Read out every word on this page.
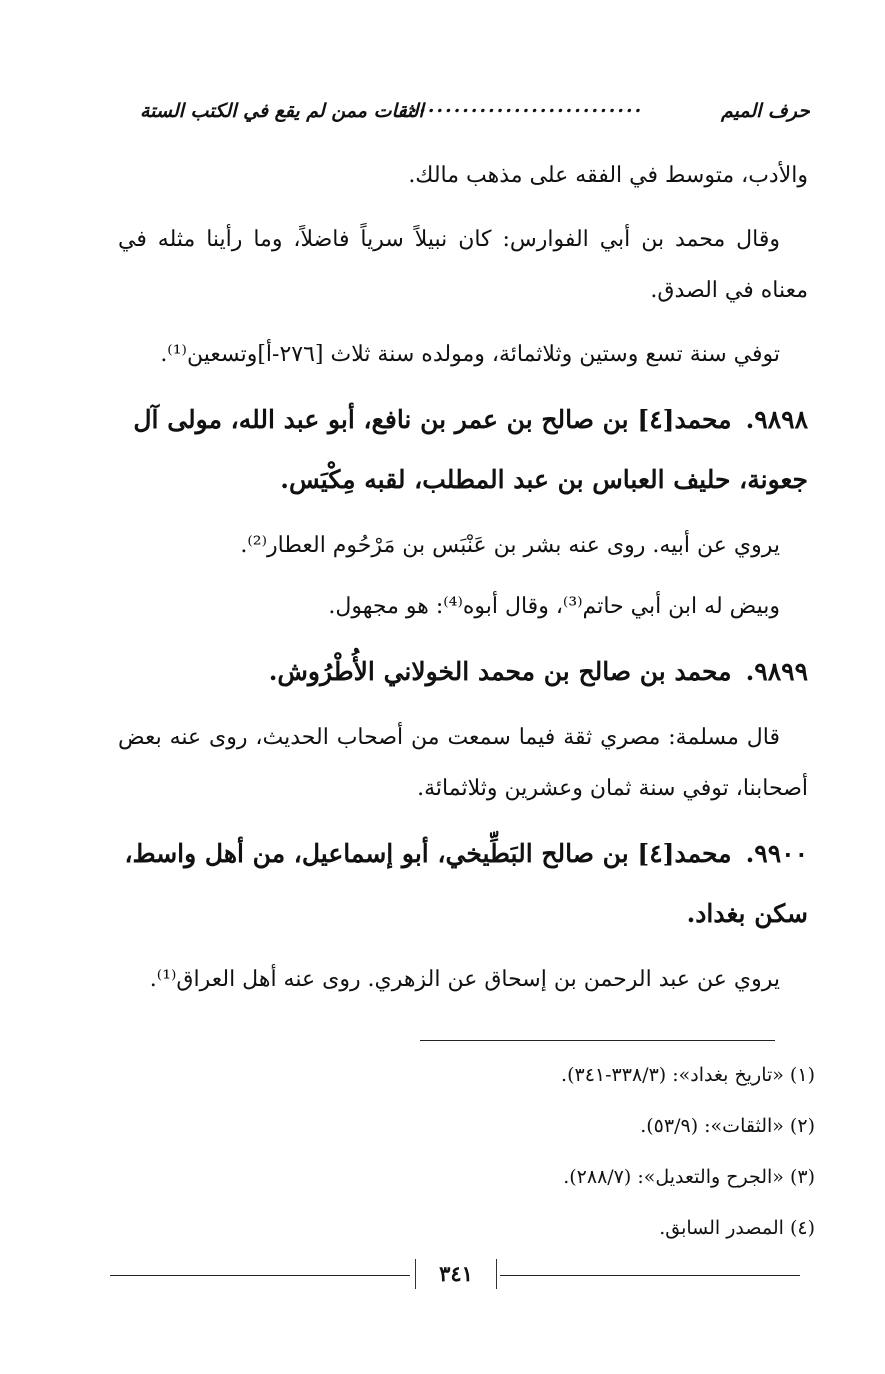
حرف الميم
............................
الثقات ممن لم يقع في الكتب الستة

والأدب، متوسط في الفقه على مذهب مالك.

وقال محمد بن أبي الفوارس: كان نبيلاً سرياً فاضلاً، وما رأينا مثله في معناه في الصدق.

توفي سنة تسع وستين وثلاثمائة، ومولده سنة ثلاث [٢٧٦-أ]وتسعين⁽¹⁾.

٩٨٩٨.محمد[٤] بن صالح بن عمر بن نافع، أبو عبد الله، مولى آل جعونة، حليف العباس بن عبد المطلب، لقبه مِكْيَس.

يروي عن أبيه. روى عنه بشر بن عَنْبَس بن مَرْحُوم العطار⁽²⁾.

وبيض له ابن أبي حاتم⁽³⁾، وقال أبوه⁽⁴⁾: هو مجهول.

٩٨٩٩.محمد بن صالح بن محمد الخولاني الأُطْرُوش.

قال مسلمة: مصري ثقة فيما سمعت من أصحاب الحديث، روى عنه بعض أصحابنا، توفي سنة ثمان وعشرين وثلاثمائة.

٩٩٠٠.محمد[٤] بن صالح البَطِّيخي، أبو إسماعيل، من أهل واسط، سكن بغداد.

يروي عن عبد الرحمن بن إسحاق عن الزهري. روى عنه أهل العراق⁽¹⁾.

(١) «تاريخ بغداد»: (٣٣٨/٣-٣٤١).
(٢) «الثقات»: (٥٣/٩).
(٣) «الجرح والتعديل»: (٢٨٨/٧).
(٤) المصدر السابق.
٣٤١
